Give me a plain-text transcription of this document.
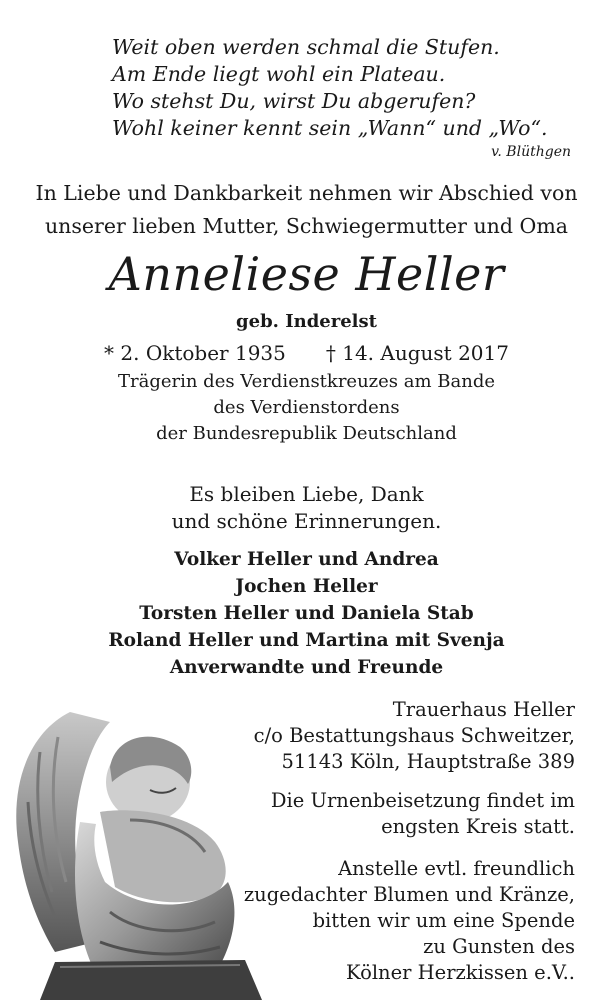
Weit oben werden schmal die Stufen.
Am Ende liegt wohl ein Plateau.
Wo stehst Du, wirst Du abgerufen?
Wohl keiner kennt sein „Wann“ und „Wo“.
v. Blüthgen
In Liebe und Dankbarkeit nehmen wir Abschied von
unserer lieben Mutter, Schwiegermutter und Oma
Anneliese Heller
geb. Inderelst
* 2. Oktober 1935 † 14. August 2017
Trägerin des Verdienstkreuzes am Bande
des Verdienstordens
der Bundesrepublik Deutschland
Es bleiben Liebe, Dank
und schöne Erinnerungen.
Volker Heller und Andrea
Jochen Heller
Torsten Heller und Daniela Stab
Roland Heller und Martina mit Svenja
Anverwandte und Freunde
Trauerhaus Heller
c/o Bestattungshaus Schweitzer,
51143 Köln, Hauptstraße 389
Die Urnenbeisetzung findet im
engsten Kreis statt.
Anstelle evtl. freundlich
zugedachter Blumen und Kränze,
bitten wir um eine Spende
zu Gunsten des
Kölner Herzkissen e.V..
